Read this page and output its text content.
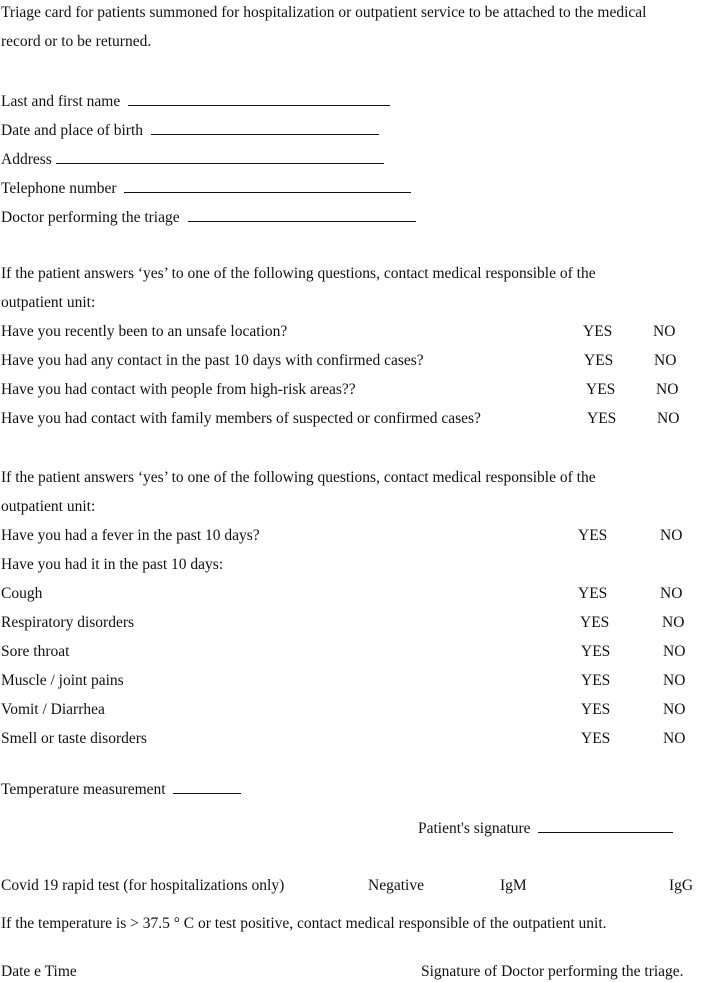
Triage card for patients summoned for hospitalization or outpatient service to be attached to the medical
record or to be returned.
Last and first name
Date and place of birth
Address
Telephone number
Doctor performing the triage
If the patient answers ‘yes’ to one of the following questions, contact medical responsible of the
outpatient unit:
Have you recently been to an unsafe location?	YES	NO
Have you had any contact in the past 10 days with confirmed cases?	YES	NO
Have you had contact with people from high-risk areas??	YES	NO
Have you had contact with family members of suspected or confirmed cases?	YES	NO
If the patient answers ‘yes’ to one of the following questions, contact medical responsible of the
outpatient unit:
Have you had a fever in the past 10 days?	YES	NO
Have you had it in the past 10 days:
Cough	YES	NO
Respiratory disorders	YES	NO
Sore throat	YES	NO
Muscle / joint pains	YES	NO
Vomit / Diarrhea	YES	NO
Smell or taste disorders	YES	NO
Temperature measurement
Patient's signature
Covid 19 rapid test (for hospitalizations only)	Negative	IgM	IgG
If the temperature is > 37.5 ° C or test positive, contact medical responsible of the outpatient unit.
Date e Time	Signature of Doctor performing the triage.
